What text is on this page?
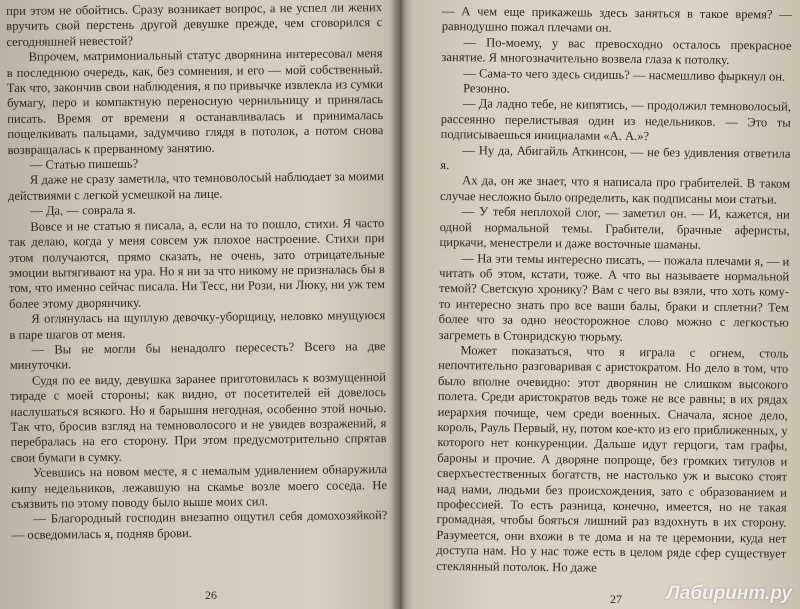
при этом не обойтись. Сразу возникает вопрос, а не успел ли жених вручить свой перстень другой девушке прежде, чем сговорился с сегодняшней невестой?

Впрочем, матримониальный статус дворянина интересовал меня в последнюю очередь, как, без сомнения, и его — мой собственный. Так что, закончив свои наблюдения, я по привычке извлекла из сумки бумагу, перо и компактную переносную чернильницу и принялась писать. Время от времени я останавливалась и принималась пощелкивать пальцами, задумчиво глядя в потолок, а потом снова возвращалась к прерванному занятию.

— Статью пишешь?

Я даже не сразу заметила, что темноволосый наблюдает за моими действиями с легкой усмешкой на лице.

— Да, — соврала я.

Вовсе и не статью я писала, а, если на то пошло, стихи. Я часто так делаю, когда у меня совсем уж плохое настроение. Стихи при этом получаются, прямо сказать, не очень, зато отрицательные эмоции вытягивают на ура. Но я ни за что никому не призналась бы в том, что именно сейчас писала. Ни Тесс, ни Рози, ни Люку, ни уж тем более этому дворянчику.

Я оглянулась на щуплую девочку-уборщицу, неловко мнущуюся в паре шагов от меня.

— Вы не могли бы ненадолго пересесть? Всего на две минуточки.

Судя по ее виду, девушка заранее приготовилась к возмущенной тираде с моей стороны; как видно, от посетителей ей довелось наслушаться всякого. Но я барышня негодная, особенно этой ночью. Так что, бросив взгляд на темноволосого и не увидев возражений, я перебралась на его сторону. При этом предусмотрительно спрятав свои бумаги в сумку.

Усевшись на новом месте, я с немалым удивлением обнаружила кипу недельников, лежавшую на скамье возле моего соседа. Не съязвить по этому поводу было выше моих сил.

— Благородный господин внезапно ощутил себя домохозяйкой? — осведомилась я, подняв брови.

26

— А чем еще прикажешь здесь заняться в такое время? — равнодушно пожал плечами он.

— По-моему, у вас превосходно осталось прекрасное занятие. Я многозначительно возвела глаза к потолку.

— Сама-то чего здесь сидишь? — насмешливо фыркнул он.

Резонно.

— Да ладно тебе, не кипятись, — продолжил темноволосый, рассеянно перелистывая один из недельников. — Это ты подписываешься инициалами «А. А.»?

— Ну да, Абигайль Аткинсон, — не без удивления ответила я.

Ах да, он же знает, что я написала про грабителей. В таком случае несложно было определить, как подписаны мои статьи.

— У тебя неплохой слог, — заметил он. — И, кажется, ни одной нормальной темы. Грабители, брачные аферисты, циркачи, менестрели и даже восточные шаманы.

— На эти темы интересно писать, — пожала плечами я, — и читать об этом, кстати, тоже. А что вы называете нормальной темой? Светскую хронику? Вам с чего вы взяли, что хоть кому-то интересно знать про все ваши балы, браки и сплетни? Тем более что за одно неосторожное слово можно с легкостью загреметь в Стонридскую тюрьму.

Может показаться, что я играла с огнем, столь непочтительно разговаривая с аристократом. Но дело в том, что было вполне очевидно: этот дворянин не слишком высокого полета. Среди аристократов ведь тоже не все равны; в их рядах иерархия почище, чем среди военных. Сначала, ясное дело, король, Рауль Первый, ну, потом кое-кто из его приближенных, у которого нет конкуренции. Дальше идут герцоги, там графы, бароны и прочие. А дворяне попроще, без громких титулов и сверхъестественных богатств, не настолько уж и высоко стоят над нами, людьми без происхождения, зато с образованием и профессией. То есть разница, конечно, имеется, но не такая громадная, чтобы бояться лишний раз вздохнуть в их сторону. Разумеется, они вхожи в те дома и на те церемонии, куда нет доступа нам. Но у нас тоже есть в целом ряде сфер существует стеклянный потолок. Но даже

27 Лабиринт.ру
